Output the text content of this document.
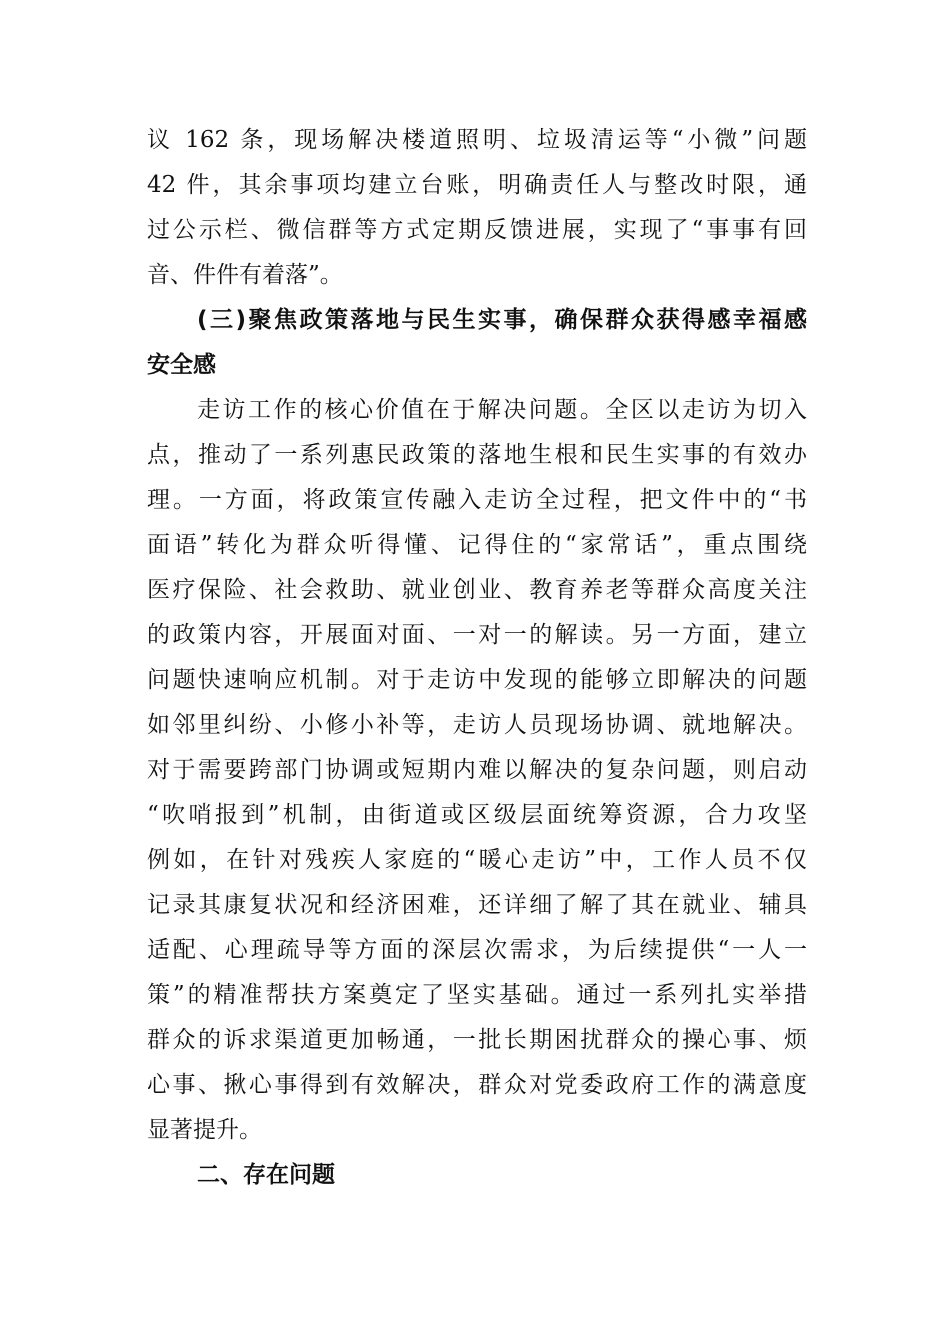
议 162 条，现场解决楼道照明、垃圾清运等“小微”问题
42 件，其余事项均建立台账，明确责任人与整改时限，通
过公示栏、微信群等方式定期反馈进展，实现了“事事有回
音、件件有着落”。
(三)聚焦政策落地与民生实事，确保群众获得感幸福感
安全感
走访工作的核心价值在于解决问题。全区以走访为切入
点，推动了一系列惠民政策的落地生根和民生实事的有效办
理。一方面，将政策宣传融入走访全过程，把文件中的“书
面语”转化为群众听得懂、记得住的“家常话”，重点围绕
医疗保险、社会救助、就业创业、教育养老等群众高度关注
的政策内容，开展面对面、一对一的解读。另一方面，建立
问题快速响应机制。对于走访中发现的能够立即解决的问题
如邻里纠纷、小修小补等，走访人员现场协调、就地解决。
对于需要跨部门协调或短期内难以解决的复杂问题，则启动
“吹哨报到”机制，由街道或区级层面统筹资源，合力攻坚
例如，在针对残疾人家庭的“暖心走访”中，工作人员不仅
记录其康复状况和经济困难，还详细了解了其在就业、辅具
适配、心理疏导等方面的深层次需求，为后续提供“一人一
策”的精准帮扶方案奠定了坚实基础。通过一系列扎实举措
群众的诉求渠道更加畅通，一批长期困扰群众的操心事、烦
心事、揪心事得到有效解决，群众对党委政府工作的满意度
显著提升。
二、存在问题
